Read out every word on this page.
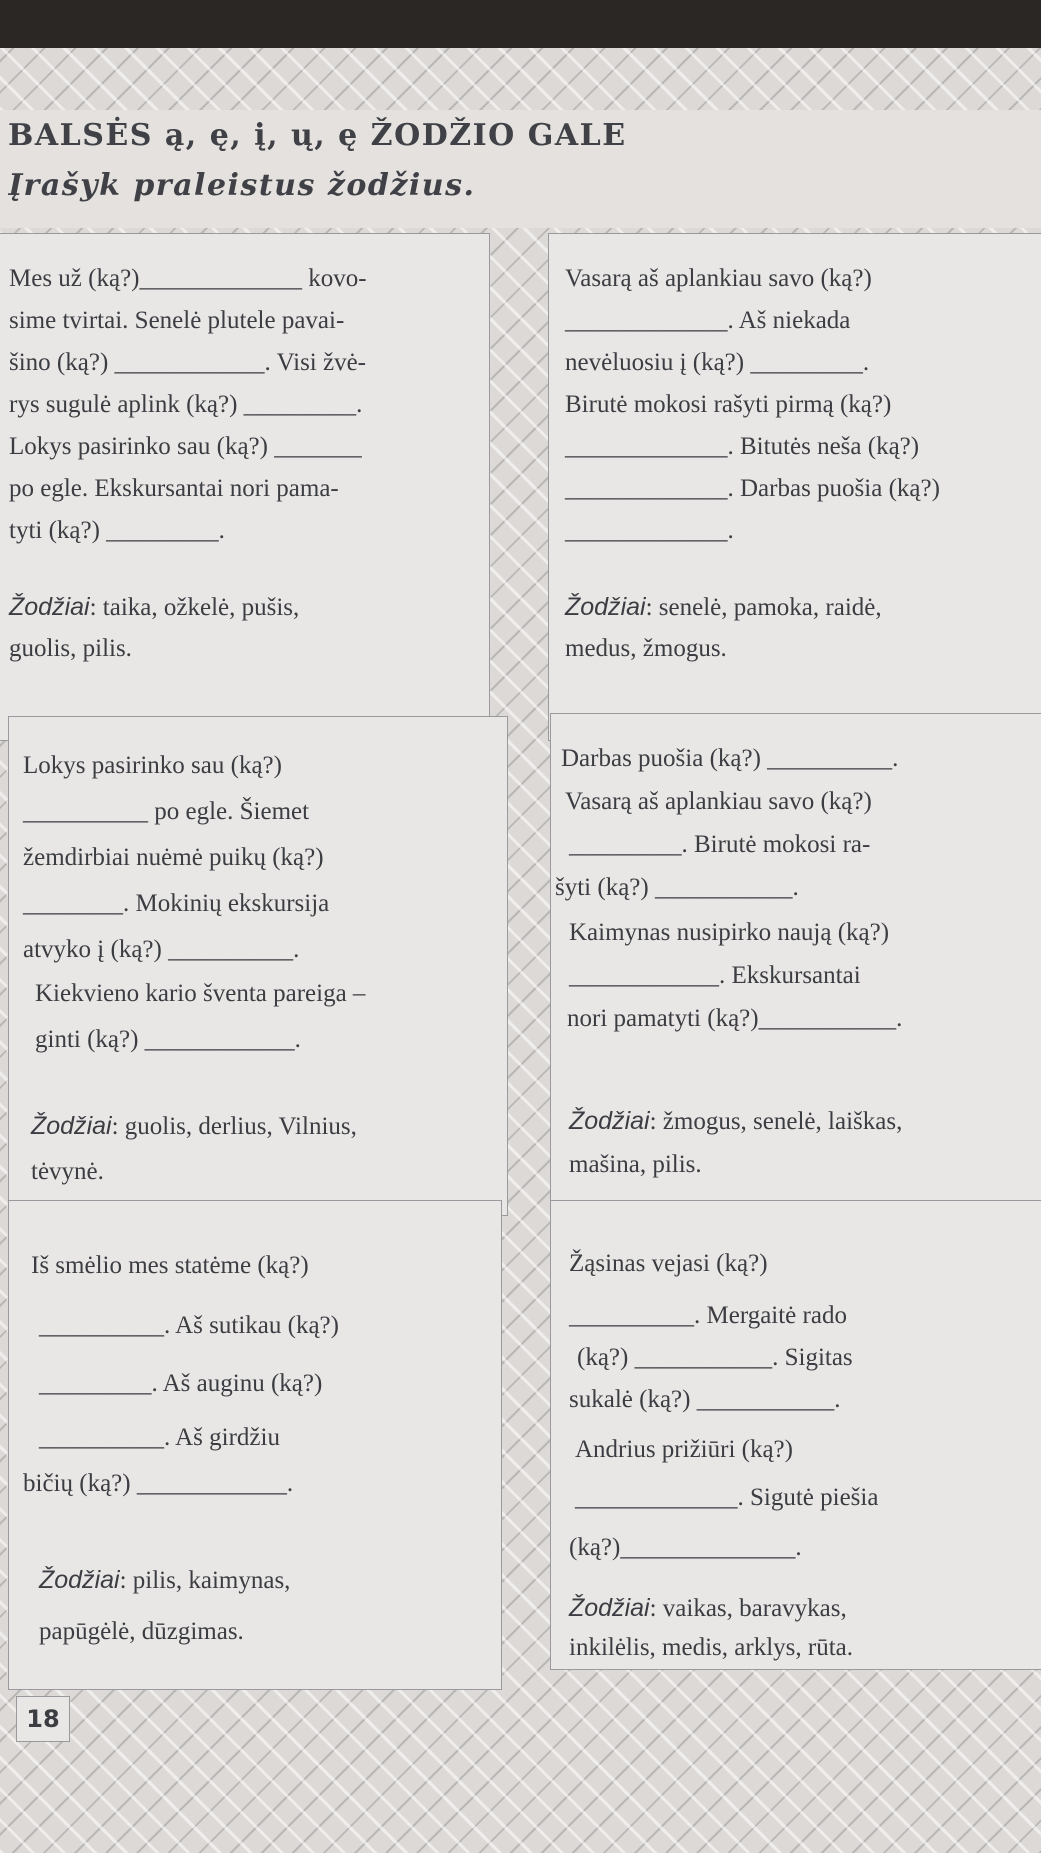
BALSĖS ą, ę, į, ų, ę ŽODŽIO GALE
Įrašyk praleistus žodžius.
Mes už (ką?)_____________ kovo-
sime tvirtai. Senelė plutele pavai-
šino (ką?) ____________. Visi žvė-
rys sugulė aplink (ką?) _________.
Lokys pasirinko sau (ką?) _______
po egle. Ekskursantai nori pama-
tyti (ką?) _________.
Žodžiai: taika, ožkelė, pušis,
guolis, pilis.
Vasarą aš aplankiau savo (ką?)
_____________. Aš niekada
nevėluosiu į (ką?) _________.
Birutė mokosi rašyti pirmą (ką?)
_____________. Bitutės neša (ką?)
_____________. Darbas puošia (ką?)
_____________.
Žodžiai: senelė, pamoka, raidė,
medus, žmogus.
Lokys pasirinko sau (ką?)
__________ po egle. Šiemet
žemdirbiai nuėmė puikų (ką?)
________. Mokinių ekskursija
atvyko į (ką?) __________.
Kiekvieno kario šventa pareiga –
ginti (ką?) ____________.
Žodžiai: guolis, derlius, Vilnius,
tėvynė.
Darbas puošia (ką?) __________.
Vasarą aš aplankiau savo (ką?)
_________. Birutė mokosi ra-
šyti (ką?) ___________.
Kaimynas nusipirko naują (ką?)
____________. Ekskursantai
nori pamatyti (ką?)___________.
Žodžiai: žmogus, senelė, laiškas,
mašina, pilis.
Iš smėlio mes statėme (ką?)
__________. Aš sutikau (ką?)
_________. Aš auginu (ką?)
__________. Aš girdžiu
bičių (ką?) ____________.
Žodžiai: pilis, kaimynas,
papūgėlė, dūzgimas.
Žąsinas vejasi (ką?)
__________. Mergaitė rado
(ką?) ___________. Sigitas
sukalė (ką?) ___________.
Andrius prižiūri (ką?)
_____________. Sigutė piešia
(ką?)______________.
Žodžiai: vaikas, baravykas,
inkilėlis, medis, arklys, rūta.
18
